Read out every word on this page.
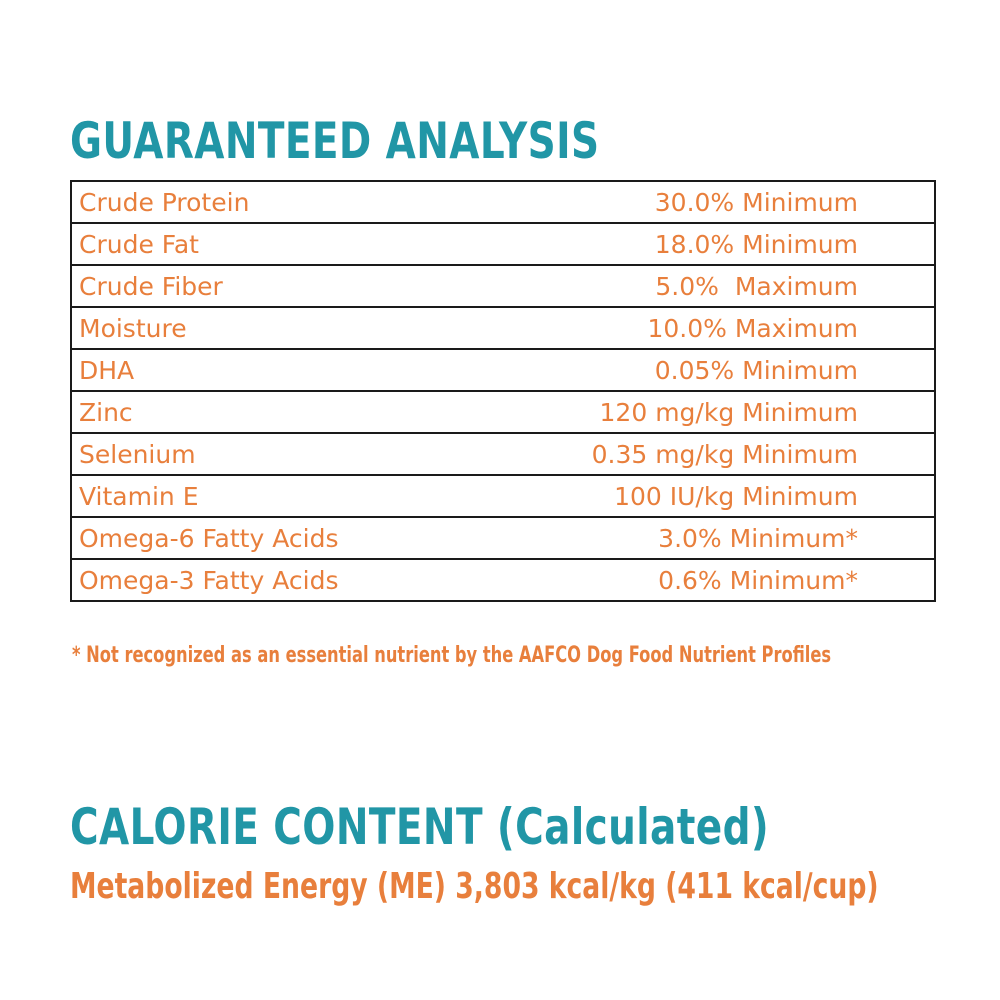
GUARANTEED ANALYSIS
Crude Protein	30.0% Minimum
Crude Fat	18.0% Minimum
Crude Fiber	5.0%  Maximum
Moisture	10.0% Maximum
DHA	0.05% Minimum
Zinc	120 mg/kg Minimum
Selenium	0.35 mg/kg Minimum
Vitamin E	100 IU/kg Minimum
Omega-6 Fatty Acids	3.0% Minimum*
Omega-3 Fatty Acids	0.6% Minimum*

* Not recognized as an essential nutrient by the AAFCO Dog Food Nutrient Profiles

CALORIE CONTENT (Calculated)

Metabolized Energy (ME) 3,803 kcal/kg (411 kcal/cup)
